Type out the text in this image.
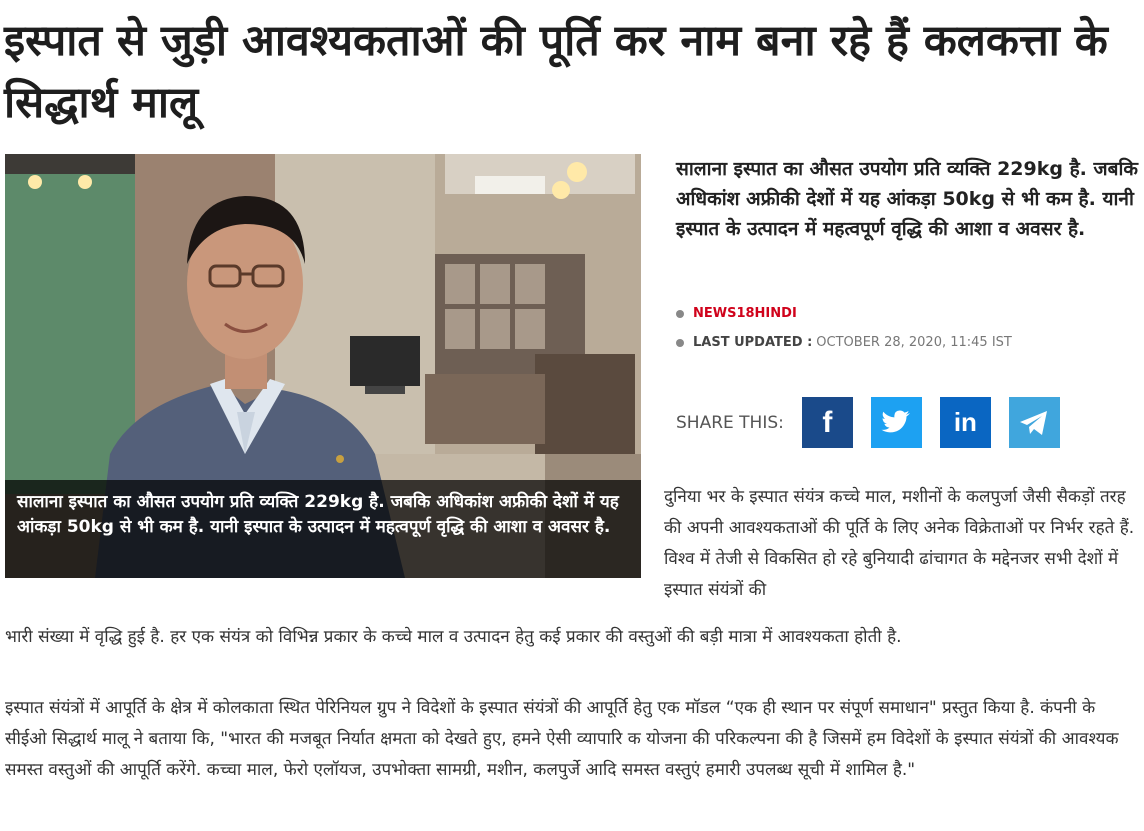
इस्पात से जुड़ी आवश्यकताओं की पूर्ति कर नाम बना रहे हैं कलकत्ता के सिद्धार्थ मालू

सालाना इस्पात का औसत उपयोग प्रति व्यक्ति 229kg है. जबकि अधिकांश अफ्रीकी देशों में यह आंकड़ा 50kg से भी कम है. यानी इस्पात के उत्पादन में महत्वपूर्ण वृद्धि की आशा व अवसर है.

सालाना इस्पात का औसत उपयोग प्रति व्यक्ति 229kg है. जबकि अधिकांश अफ्रीकी देशों में यह आंकड़ा 50kg से भी कम है. यानी इस्पात के उत्पादन में महत्वपूर्ण वृद्धि की आशा व अवसर है.

NEWS18HINDI
LAST UPDATED : OCTOBER 28, 2020, 11:45 IST
SHARE THIS: f	in

दुनिया भर के इस्पात संयंत्र कच्चे माल, मशीनों के कलपुर्जा जैसी सैकड़ों तरह की अपनी आवश्यकताओं की पूर्ति के लिए अनेक विक्रेताओं पर निर्भर रहते हैं. विश्व में तेजी से विकसित हो रहे बुनियादी ढांचागत के मद्देनजर सभी देशों में इस्पात संयंत्रों की

भारी संख्या में वृद्धि हुई है. हर एक संयंत्र को विभिन्न प्रकार के कच्चे माल व उत्पादन हेतु कई प्रकार की वस्तुओं की बड़ी मात्रा में आवश्यकता होती है.

इस्पात संयंत्रों में आपूर्ति के क्षेत्र में कोलकाता स्थित पेरिनियल ग्रुप ने विदेशों के इस्पात संयंत्रों की आपूर्ति हेतु एक मॉडल “एक ही स्थान पर संपूर्ण समाधान" प्रस्तुत किया है. कंपनी के सीईओ सिद्धार्थ मालू ने बताया कि, "भारत की मजबूत निर्यात क्षमता को देखते हुए, हमने ऐसी व्यापारि क योजना की परिकल्पना की है जिसमें हम विदेशों के इस्पात संयंत्रों की आवश्यक समस्त वस्तुओं की आपूर्ति करेंगे. कच्चा माल, फेरो एलॉयज, उपभोक्ता सामग्री, मशीन, कलपुर्जे आदि समस्त वस्तुएं हमारी उपलब्ध सूची में शामिल है."
